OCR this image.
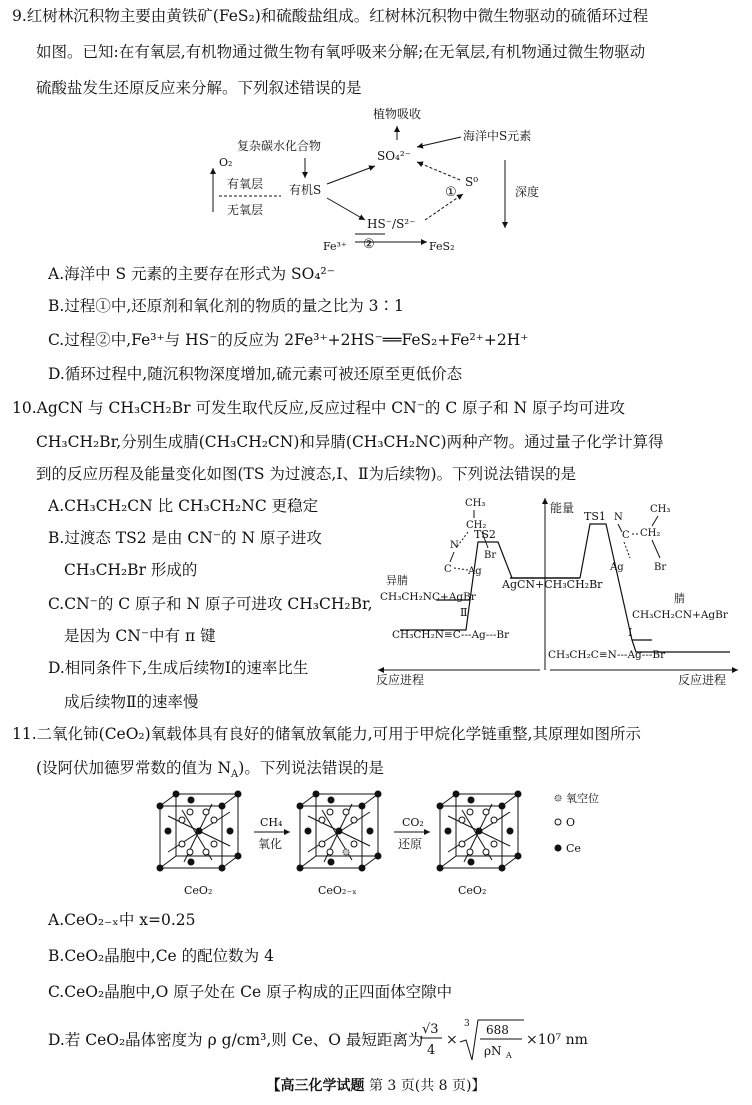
9.红树林沉积物主要由黄铁矿(FeS₂)和硫酸盐组成。红树林沉积物中微生物驱动的硫循环过程
如图。已知:在有氧层,有机物通过微生物有氧呼吸来分解;在无氧层,有机物通过微生物驱动
硫酸盐发生还原反应来分解。下列叙述错误的是
植物吸收
海洋中S元素
复杂碳水化合物
SO₄²⁻
O₂
有氧层
无氧层
有机S
S⁰
①
HS⁻/S²⁻
②
Fe³⁺	FeS₂
深度
A.海洋中 S 元素的主要存在形式为 SO₄²⁻
B.过程①中,还原剂和氧化剂的物质的量之比为 3∶1
C.过程②中,Fe³⁺与 HS⁻的反应为 2Fe³⁺+2HS⁻══FeS₂+Fe²⁺+2H⁺
D.循环过程中,随沉积物深度增加,硫元素可被还原至更低价态
10.AgCN 与 CH₃CH₂Br 可发生取代反应,反应过程中 CN⁻的 C 原子和 N 原子均可进攻
CH₃CH₂Br,分别生成腈(CH₃CH₂CN)和异腈(CH₃CH₂NC)两种产物。通过量子化学计算得
到的反应历程及能量变化如图(TS 为过渡态,Ⅰ、Ⅱ为后续物)。下列说法错误的是
A.CH₃CH₂CN 比 CH₃CH₂NC 更稳定
B.过渡态 TS2 是由 CN⁻的 N 原子进攻
CH₃CH₂Br 形成的
C.CN⁻的 C 原子和 N 原子可进攻 CH₃CH₂Br,
是因为 CN⁻中有 π 键
D.相同条件下,生成后续物Ⅰ的速率比生
成后续物Ⅱ的速率慢
能量
反应进程	反应进程
AgCN+CH₃CH₂Br
TS2
异腈
CH₃CH₂NC+AgBr
Ⅱ
CH₃CH₂N≡C---Ag---Br
CH₃
CH₂
Br
N
C Ag
TS1
腈
CH₃CH₂CN+AgBr
Ⅰ
CH₃CH₂C≡N---Ag---Br
CH₃
CH₂
N
C
Br
Ag
11.二氧化铈(CeO₂)氧载体具有良好的储氧放氧能力,可用于甲烷化学链重整,其原理如图所示
(设阿伏加德罗常数的值为 $N_A$)。下列说法错误的是
CeO₂
CH₄
氧化
CeO₂₋ₓ
CO₂
还原
CeO₂
氧空位
O
Ce
A.CeO₂₋ₓ中 x=0.25
B.CeO₂晶胞中,Ce 的配位数为 4
C.CeO₂晶胞中,O 原子处在 Ce 原子构成的正四面体空隙中
D.若 CeO₂晶体密度为 ρ g/cm³,则 Ce、O 最短距离为
√3
4
×
3 688
ρN A
×10⁷ nm
【高三化学试题 第 3 页(共 8 页)】
